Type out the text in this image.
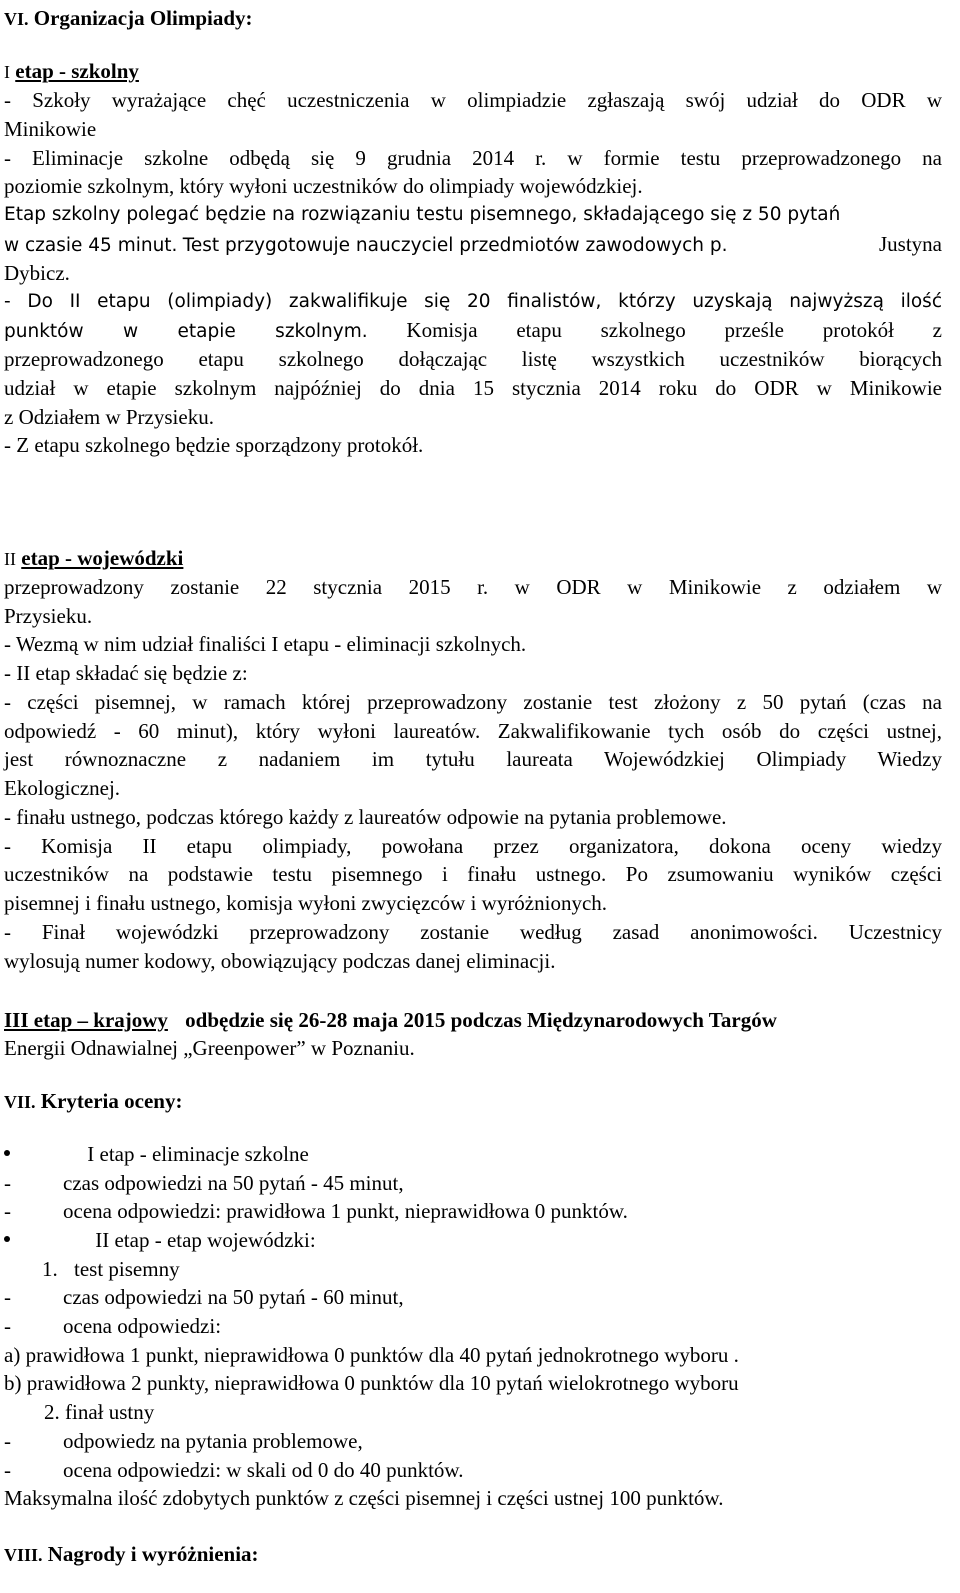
VI. Organizacja Olimpiady:
I etap - szkolny
- Szkoły wyrażające chęć uczestniczenia w olimpiadzie zgłaszają swój udział do ODR w
Minikowie
- Eliminacje szkolne odbędą się 9 grudnia 2014 r. w formie testu przeprowadzonego na
poziomie szkolnym, który wyłoni uczestników do olimpiady wojewódzkiej.
Etap szkolny polegać będzie na rozwiązaniu testu pisemnego, składającego się z 50 pytań
w czasie 45 minut. Test przygotowuje nauczyciel przedmiotów zawodowych p.	Justyna
Dybicz.
- Do II etapu (olimpiady) zakwalifikuje się 20 finalistów, którzy uzyskają najwyższą ilość
punktów w etapie szkolnym. Komisja etapu szkolnego prześle protokół z
przeprowadzonego etapu szkolnego dołączając listę wszystkich uczestników biorących
udział w etapie szkolnym najpóźniej do dnia 15 stycznia 2014 roku do ODR w Minikowie
z Odziałem w Przysieku.
- Z etapu szkolnego będzie sporządzony protokół.
II etap - wojewódzki
przeprowadzony zostanie 22 stycznia 2015 r. w ODR w Minikowie z odziałem w
Przysieku.
- Wezmą w nim udział finaliści I etapu - eliminacji szkolnych.
- II etap składać się będzie z:
- części pisemnej, w ramach której przeprowadzony zostanie test złożony z 50 pytań (czas na
odpowiedź - 60 minut), który wyłoni laureatów. Zakwalifikowanie tych osób do części ustnej,
jest równoznaczne z nadaniem im tytułu laureata Wojewódzkiej Olimpiady Wiedzy
Ekologicznej.
- finału ustnego, podczas którego każdy z laureatów odpowie na pytania problemowe.
- Komisja II etapu olimpiady, powołana przez organizatora, dokona oceny wiedzy
uczestników na podstawie testu pisemnego i finału ustnego. Po zsumowaniu wyników części
pisemnej i finału ustnego, komisja wyłoni zwycięzców i wyróżnionych.
- Finał wojewódzki przeprowadzony zostanie według zasad anonimowości. Uczestnicy
wylosują numer kodowy, obowiązujący podczas danej eliminacji.
III etap – krajowy odbędzie się 26-28 maja 2015 podczas Międzynarodowych Targów
Energii Odnawialnej „Greenpower” w Poznaniu.
VII. Kryteria oceny:
I etap - eliminacje szkolne
- czas odpowiedzi na 50 pytań - 45 minut,
- ocena odpowiedzi: prawidłowa 1 punkt, nieprawidłowa 0 punktów.
II etap - etap wojewódzki:
1. test pisemny
- czas odpowiedzi na 50 pytań - 60 minut,
- ocena odpowiedzi:
a) prawidłowa 1 punkt, nieprawidłowa 0 punktów dla 40 pytań jednokrotnego wyboru .
b) prawidłowa 2 punkty, nieprawidłowa 0 punktów dla 10 pytań wielokrotnego wyboru
2. finał ustny
- odpowiedz na pytania problemowe,
- ocena odpowiedzi: w skali od 0 do 40 punktów.
Maksymalna ilość zdobytych punktów z części pisemnej i części ustnej 100 punktów.
VIII. Nagrody i wyróżnienia:
